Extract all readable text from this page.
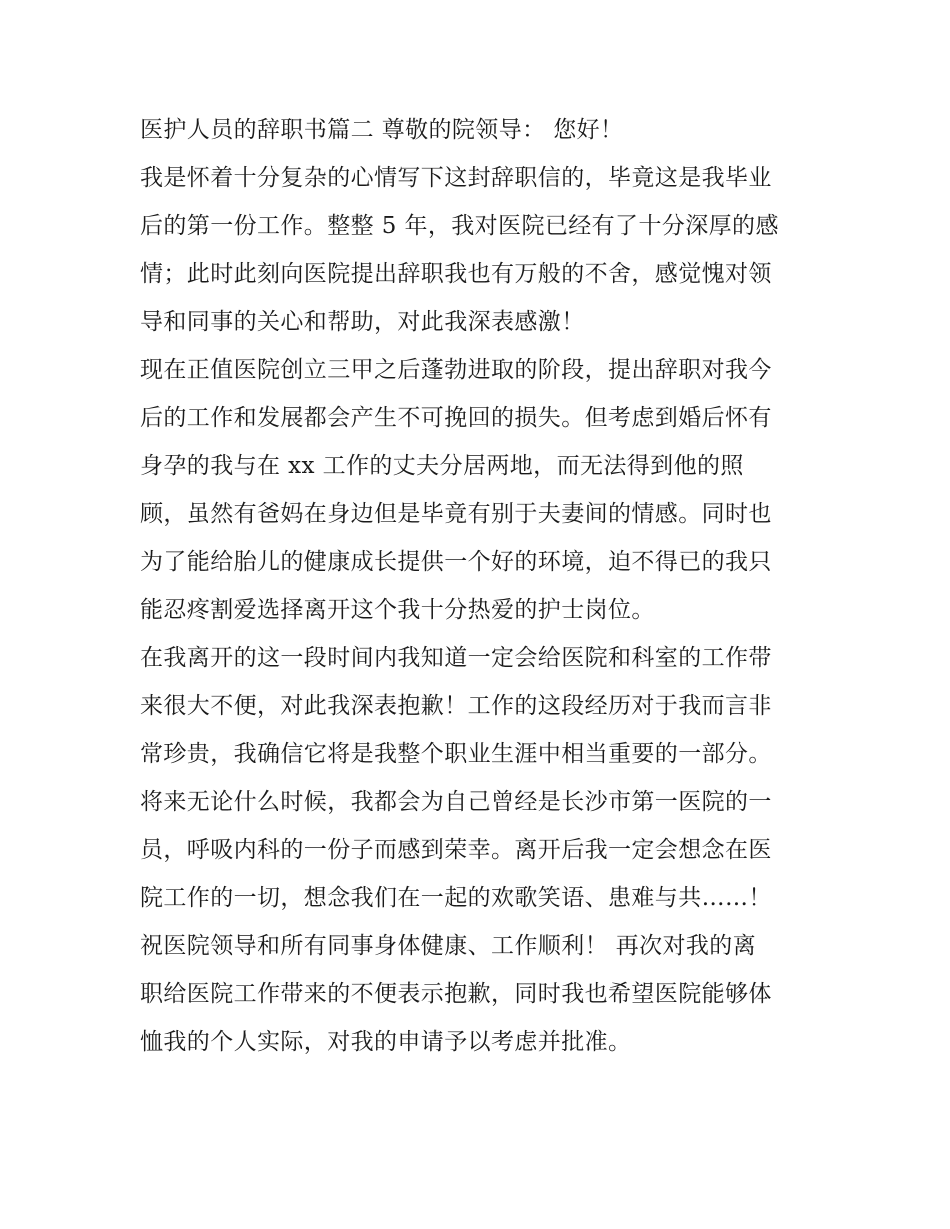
医护人员的辞职书篇二 尊敬的院领导： 您好！
我是怀着十分复杂的心情写下这封辞职信的，毕竟这是我毕业
后的第一份工作。整整 5 年，我对医院已经有了十分深厚的感
情；此时此刻向医院提出辞职我也有万般的不舍，感觉愧对领
导和同事的关心和帮助，对此我深表感激！
现在正值医院创立三甲之后蓬勃进取的阶段，提出辞职对我今
后的工作和发展都会产生不可挽回的损失。但考虑到婚后怀有
身孕的我与在 xx 工作的丈夫分居两地，而无法得到他的照
顾，虽然有爸妈在身边但是毕竟有别于夫妻间的情感。同时也
为了能给胎儿的健康成长提供一个好的环境，迫不得已的我只
能忍疼割爱选择离开这个我十分热爱的护士岗位。
在我离开的这一段时间内我知道一定会给医院和科室的工作带
来很大不便，对此我深表抱歉！工作的这段经历对于我而言非
常珍贵，我确信它将是我整个职业生涯中相当重要的一部分。
将来无论什么时候，我都会为自己曾经是长沙市第一医院的一
员，呼吸内科的一份子而感到荣幸。离开后我一定会想念在医
院工作的一切，想念我们在一起的欢歌笑语、患难与共……！
祝医院领导和所有同事身体健康、工作顺利！ 再次对我的离
职给医院工作带来的不便表示抱歉，同时我也希望医院能够体
恤我的个人实际，对我的申请予以考虑并批准。
